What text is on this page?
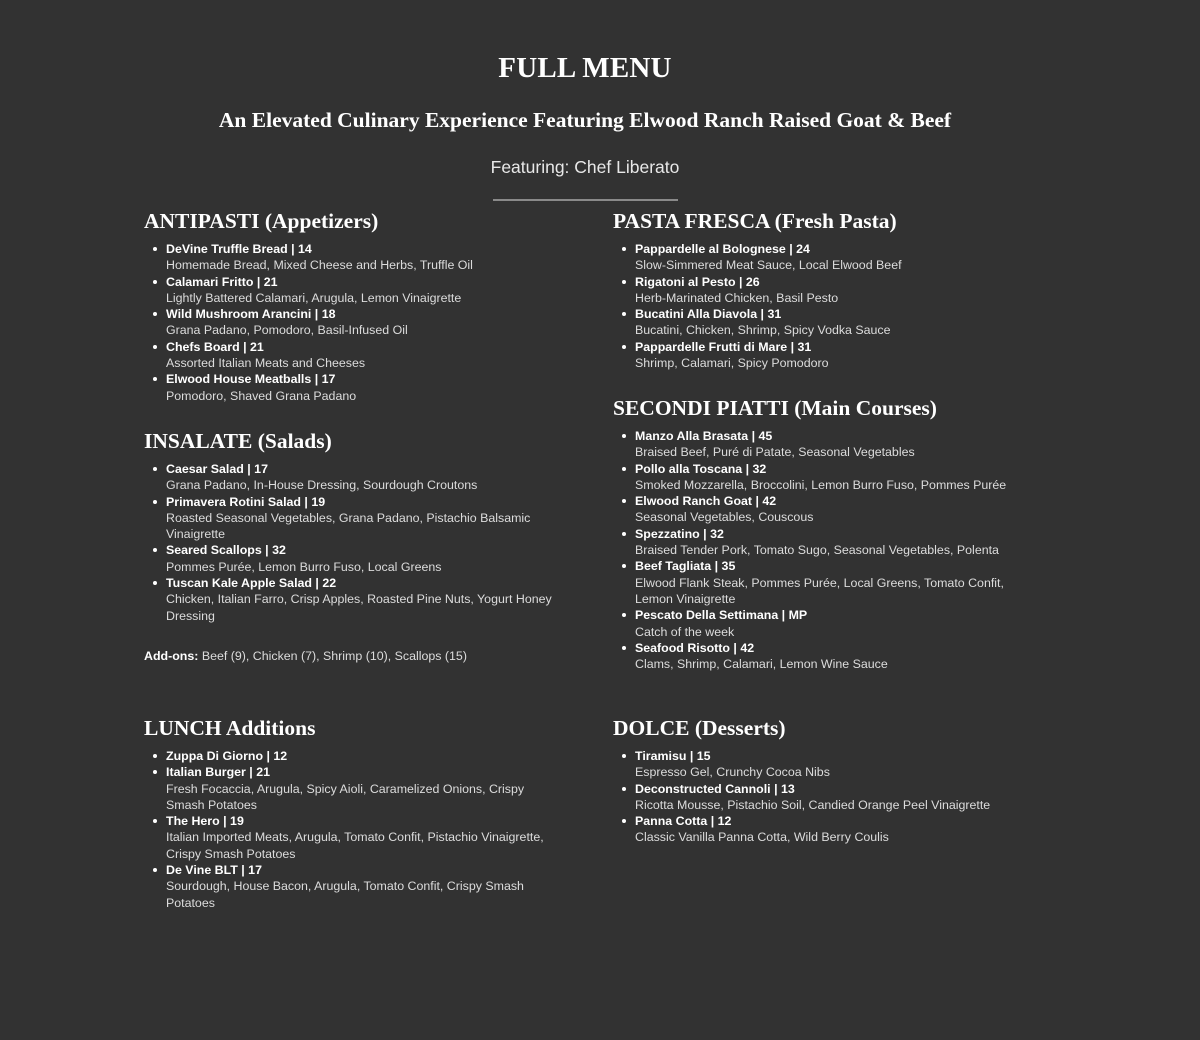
FULL MENU
An Elevated Culinary Experience Featuring Elwood Ranch Raised Goat & Beef

Featuring: Chef Liberato

ANTIPASTI (Appetizers)
DeVine Truffle Bread | 14
Homemade Bread, Mixed Cheese and Herbs, Truffle Oil
Calamari Fritto | 21
Lightly Battered Calamari, Arugula, Lemon Vinaigrette
Wild Mushroom Arancini | 18
Grana Padano, Pomodoro, Basil-Infused Oil
Chefs Board | 21
Assorted Italian Meats and Cheeses
Elwood House Meatballs | 17
Pomodoro, Shaved Grana Padano
INSALATE (Salads)
Caesar Salad | 17
Grana Padano, In-House Dressing, Sourdough Croutons
Primavera Rotini Salad | 19
Roasted Seasonal Vegetables, Grana Padano, Pistachio Balsamic Vinaigrette
Seared Scallops | 32
Pommes Purée, Lemon Burro Fuso, Local Greens
Tuscan Kale Apple Salad | 22
Chicken, Italian Farro, Crisp Apples, Roasted Pine Nuts, Yogurt Honey Dressing
Add-ons: Beef (9), Chicken (7), Shrimp (10), Scallops (15)
LUNCH Additions
Zuppa Di Giorno | 12
Italian Burger | 21
Fresh Focaccia, Arugula, Spicy Aioli, Caramelized Onions, Crispy Smash Potatoes
The Hero | 19
Italian Imported Meats, Arugula, Tomato Confit, Pistachio Vinaigrette, Crispy Smash Potatoes
De Vine BLT | 17
Sourdough, House Bacon, Arugula, Tomato Confit, Crispy Smash Potatoes
PASTA FRESCA (Fresh Pasta)
Pappardelle al Bolognese | 24
Slow-Simmered Meat Sauce, Local Elwood Beef
Rigatoni al Pesto | 26
Herb-Marinated Chicken, Basil Pesto
Bucatini Alla Diavola | 31
Bucatini, Chicken, Shrimp, Spicy Vodka Sauce
Pappardelle Frutti di Mare | 31
Shrimp, Calamari, Spicy Pomodoro
SECONDI PIATTI (Main Courses)
Manzo Alla Brasata | 45
Braised Beef, Puré di Patate, Seasonal Vegetables
Pollo alla Toscana | 32
Smoked Mozzarella, Broccolini, Lemon Burro Fuso, Pommes Purée
Elwood Ranch Goat | 42
Seasonal Vegetables, Couscous
Spezzatino | 32
Braised Tender Pork, Tomato Sugo, Seasonal Vegetables, Polenta
Beef Tagliata | 35
Elwood Flank Steak, Pommes Purée, Local Greens, Tomato Confit, Lemon Vinaigrette
Pescato Della Settimana | MP
Catch of the week
Seafood Risotto | 42
Clams, Shrimp, Calamari, Lemon Wine Sauce
DOLCE (Desserts)
Tiramisu | 15
Espresso Gel, Crunchy Cocoa Nibs
Deconstructed Cannoli | 13
Ricotta Mousse, Pistachio Soil, Candied Orange Peel Vinaigrette
Panna Cotta | 12
Classic Vanilla Panna Cotta, Wild Berry Coulis
